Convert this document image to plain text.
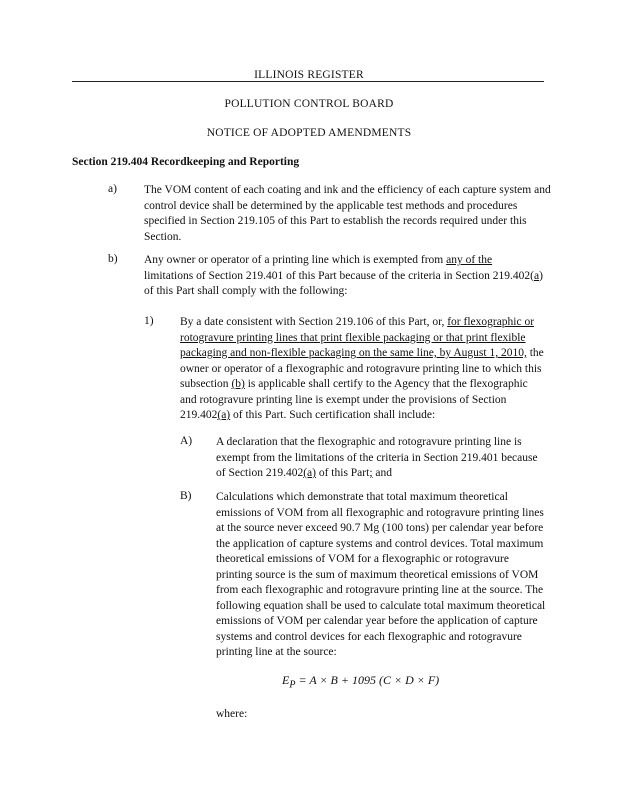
ILLINOIS REGISTER
POLLUTION CONTROL BOARD
NOTICE OF ADOPTED AMENDMENTS
Section 219.404 Recordkeeping and Reporting
a) The VOM content of each coating and ink and the efficiency of each capture system and control device shall be determined by the applicable test methods and procedures specified in Section 219.105 of this Part to establish the records required under this Section.
b) Any owner or operator of a printing line which is exempted from any of the limitations of Section 219.401 of this Part because of the criteria in Section 219.402(a) of this Part shall comply with the following:
1) By a date consistent with Section 219.106 of this Part, or, for flexographic or rotogravure printing lines that print flexible packaging or that print flexible packaging and non-flexible packaging on the same line, by August 1, 2010, the owner or operator of a flexographic and rotogravure printing line to which this subsection (b) is applicable shall certify to the Agency that the flexographic and rotogravure printing line is exempt under the provisions of Section 219.402(a) of this Part. Such certification shall include:
A) A declaration that the flexographic and rotogravure printing line is exempt from the limitations of the criteria in Section 219.401 because of Section 219.402(a) of this Part; and
B) Calculations which demonstrate that total maximum theoretical emissions of VOM from all flexographic and rotogravure printing lines at the source never exceed 90.7 Mg (100 tons) per calendar year before the application of capture systems and control devices. Total maximum theoretical emissions of VOM for a flexographic or rotogravure printing source is the sum of maximum theoretical emissions of VOM from each flexographic and rotogravure printing line at the source. The following equation shall be used to calculate total maximum theoretical emissions of VOM per calendar year before the application of capture systems and control devices for each flexographic and rotogravure printing line at the source:
$E_P = A \times B + 1095$ (C × D × F)
where:
